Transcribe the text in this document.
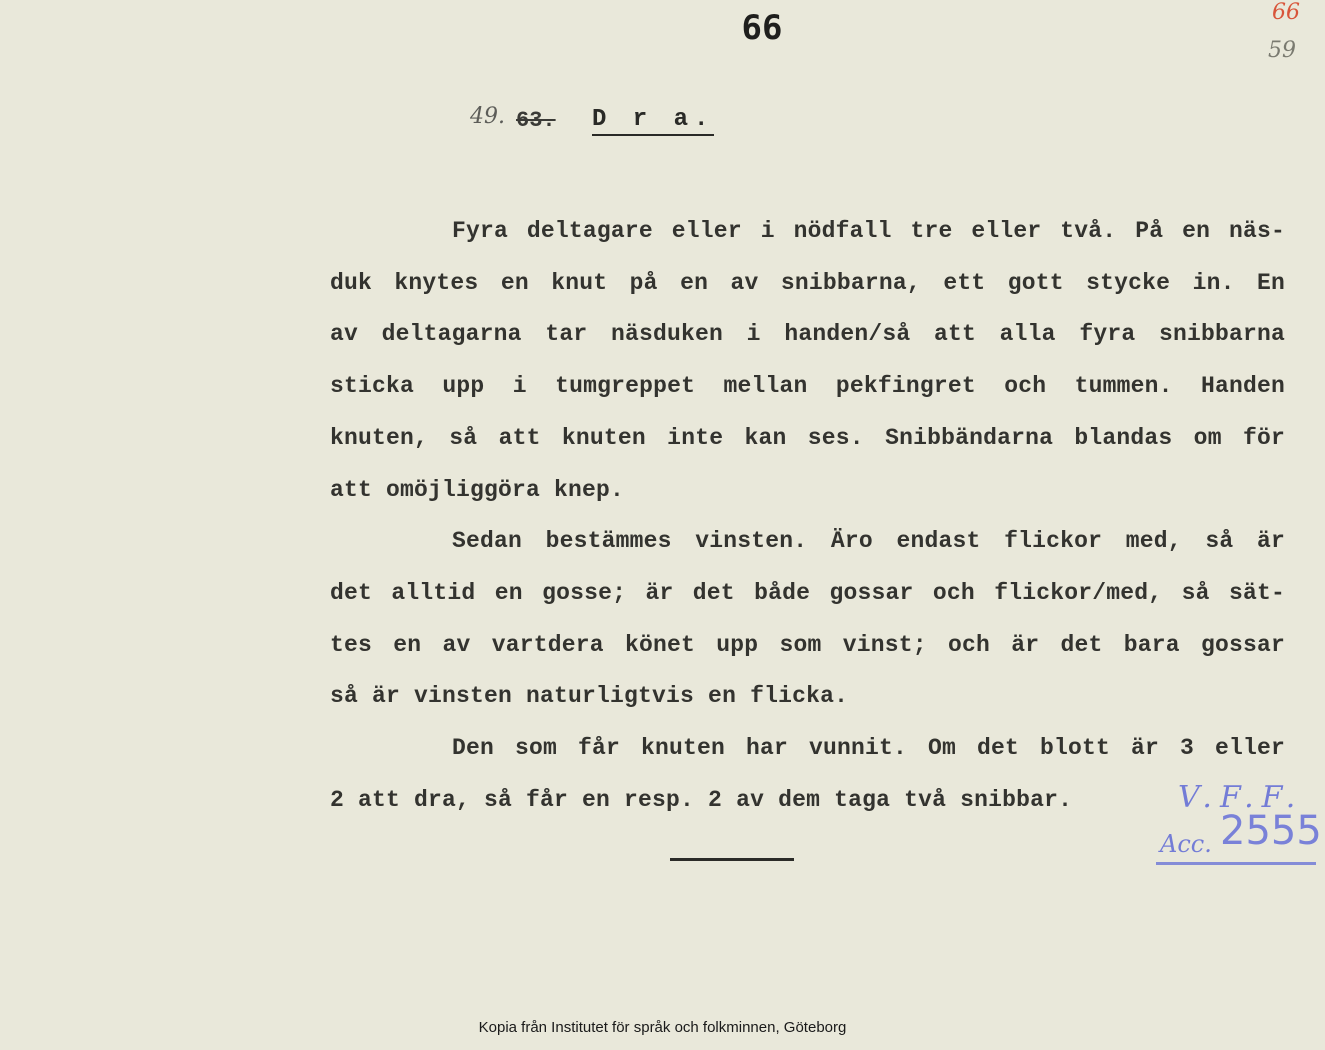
66	66
59
49. 63. D r a.

Fyra deltagare eller i nödfall tre eller två. På en näs-
duk knytes en knut på en av snibbarna, ett gott stycke in. En
av deltagarna tar näsduken i handen/så att alla fyra snibbarna
sticka upp i tumgreppet mellan pekfingret och tummen. Handen
knuten, så att knuten inte kan ses. Snibbändarna blandas om för
att omöjliggöra knep.

Sedan bestämmes vinsten. Äro endast flickor med, så är
det alltid en gosse; är det både gossar och flickor/med, så sät-
tes en av vartdera könet upp som vinst; och är det bara gossar
så är vinsten naturligtvis en flicka.

Den som får knuten har vunnit. Om det blott är 3 eller
2 att dra, så får en resp. 2 av dem taga två snibbar.	V.F.F.
Acc. 2555
Kopia från Institutet för språk och folkminnen, Göteborg
